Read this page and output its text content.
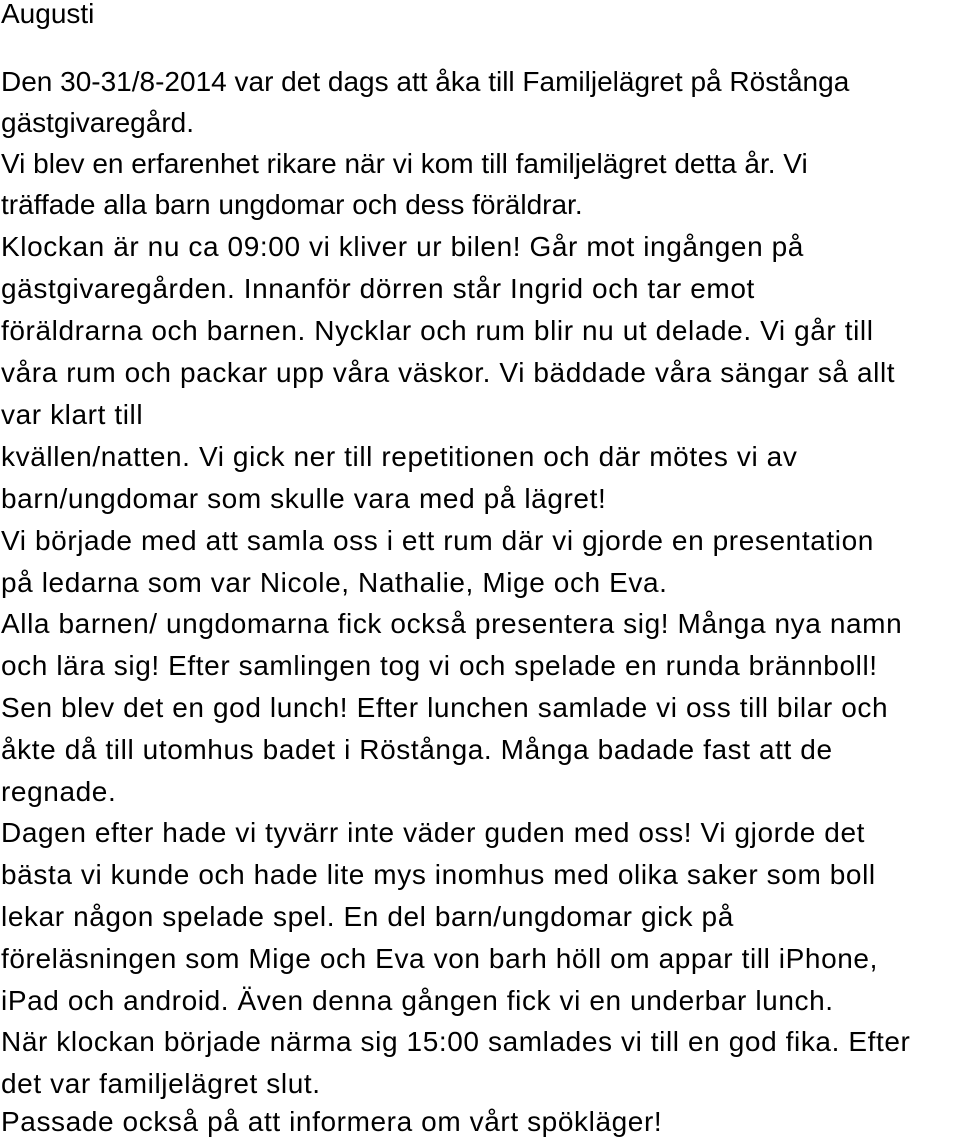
Augusti
Den 30-31/8-2014 var det dags att åka till Familjelägret på Röstånga
gästgivaregård.
Vi blev en erfarenhet rikare när vi kom till familjelägret detta år. Vi
träffade alla barn ungdomar och dess föräldrar.
Klockan är nu ca 09:00 vi kliver ur bilen! Går mot ingången på
gästgivaregården. Innanför dörren står Ingrid och tar emot
föräldrarna och barnen. Nycklar och rum blir nu ut delade. Vi går till
våra rum och packar upp våra väskor. Vi bäddade våra sängar så allt
var klart till
kvällen/natten. Vi gick ner till repetitionen och där mötes vi av
barn/ungdomar som skulle vara med på lägret!
Vi började med att samla oss i ett rum där vi gjorde en presentation
på ledarna som var Nicole, Nathalie, Mige och Eva.
Alla barnen/ ungdomarna fick också presentera sig! Många nya namn
och lära sig! Efter samlingen tog vi och spelade en runda brännboll!
Sen blev det en god lunch! Efter lunchen samlade vi oss till bilar och
åkte då till utomhus badet i Röstånga. Många badade fast att de
regnade.
Dagen efter hade vi tyvärr inte väder guden med oss! Vi gjorde det
bästa vi kunde och hade lite mys inomhus med olika saker som boll
lekar någon spelade spel. En del barn/ungdomar gick på
föreläsningen som Mige och Eva von barh höll om appar till iPhone,
iPad och android. Även denna gången fick vi en underbar lunch.
När klockan började närma sig 15:00 samlades vi till en god fika. Efter
det var familjelägret slut.
Passade också på att informera om vårt spökläger!
